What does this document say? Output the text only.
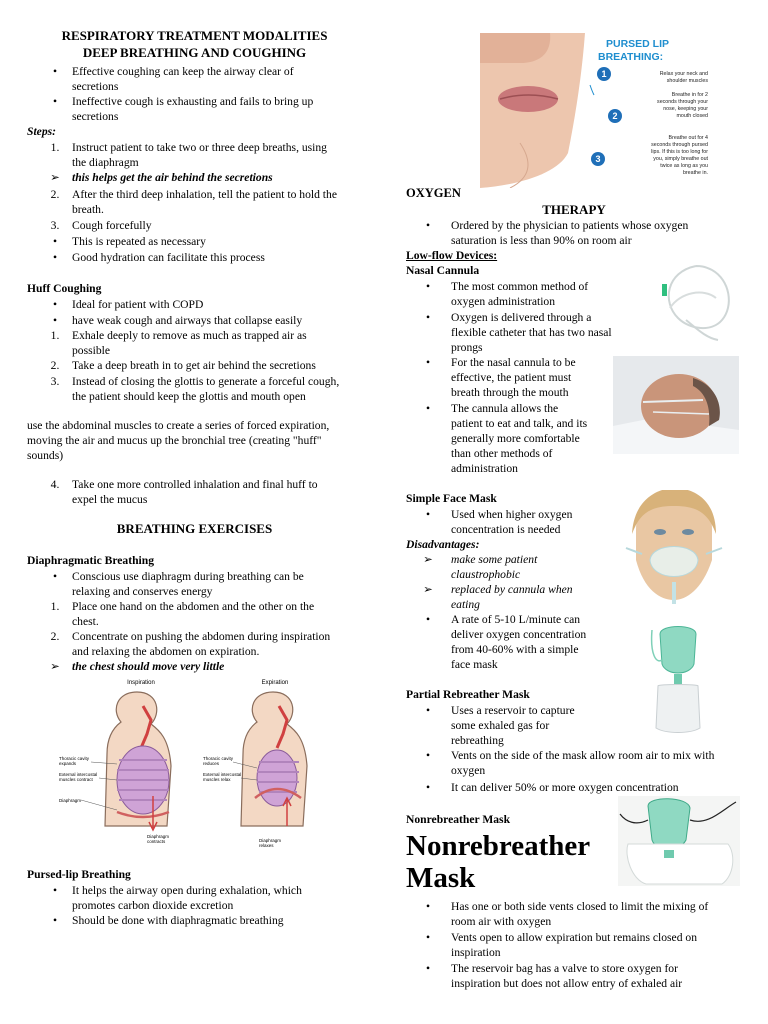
RESPIRATORY TREATMENT MODALITIES
DEEP BREATHING AND COUGHING
•	Effective coughing can keep the airway clear of
secretions
•	Ineffective cough is exhausting and fails to bring up
secretions
Steps:
1.	Instruct patient to take two or three deep breaths, using
the diaphragm
➢	this helps get the air behind the secretions
2.	After the third deep inhalation, tell the patient to hold the
breath.
3.	Cough forcefully
•	This is repeated as necessary
•	Good hydration can facilitate this process
Huff Coughing
•	Ideal for patient with COPD
•	have weak cough and airways that collapse easily
1.	Exhale deeply to remove as much as trapped air as
possible
2.	Take a deep breath in to get air behind the secretions
3.	Instead of closing the glottis to generate a forceful cough,
the patient should keep the glottis and mouth open
use the abdominal muscles to create a series of forced expiration,
moving the air and mucus up the bronchial tree (creating "huff"
sounds)
4.	Take one more controlled inhalation and final huff to
expel the mucus
BREATHING EXERCISES
Diaphragmatic Breathing
•	Conscious use diaphragm during breathing can be
relaxing and conserves energy
1.	Place one hand on the abdomen and the other on the
chest.
2.	Concentrate on pushing the abdomen during inspiration
and relaxing the abdomen on expiration.
➢	the chest should move very little
Inspiration	Expiration
Thoracic cavity
expands
External intercostal
muscles contract
Diaphragm
Thoracic cavity
reduces
External intercostal
muscles relax
Diaphragm
contracts	Diaphragm
relaxes
Pursed-lip Breathing
•	It helps the airway open during exhalation, which
promotes carbon dioxide excretion
•	Should be done with diaphragmatic breathing
PURSED LIP
BREATHING:
1
2
3
Relax your neck and
shoulder muscles
Breathe in for 2
seconds through your
nose, keeping your
mouth closed
Breathe out for 4
seconds through pursed
lips. If this is too long for
you, simply breathe out
twice as long as you
breathe in.
OXYGEN
THERAPY
•	Ordered by the physician to patients whose oxygen
saturation is less than 90% on room air
Low-flow Devices:
Nasal Cannula
•	The most common method of
oxygen administration
•	Oxygen is delivered through a
flexible catheter that has two nasal
prongs
•	For the nasal cannula to be
effective, the patient must
breath through the mouth
•	The cannula allows the
patient to eat and talk, and its
generally more comfortable
than other methods of
administration
Simple Face Mask
•	Used when higher oxygen
concentration is needed
Disadvantages:
➢	make some patient
claustrophobic
➢	replaced by cannula when
eating
•	A rate of 5-10 L/minute can
deliver oxygen concentration
from 40-60% with a simple
face mask
Partial Rebreather Mask
•	Uses a reservoir to capture
some exhaled gas for
rebreathing
•	Vents on the side of the mask allow room air to mix with
oxygen
•	It can deliver 50% or more oxygen concentration
Nonrebreather Mask
Nonrebreather
Mask
•	Has one or both side vents closed to limit the mixing of
room air with oxygen
•	Vents open to allow expiration but remains closed on
inspiration
•	The reservoir bag has a valve to store oxygen for
inspiration but does not allow entry of exhaled air
